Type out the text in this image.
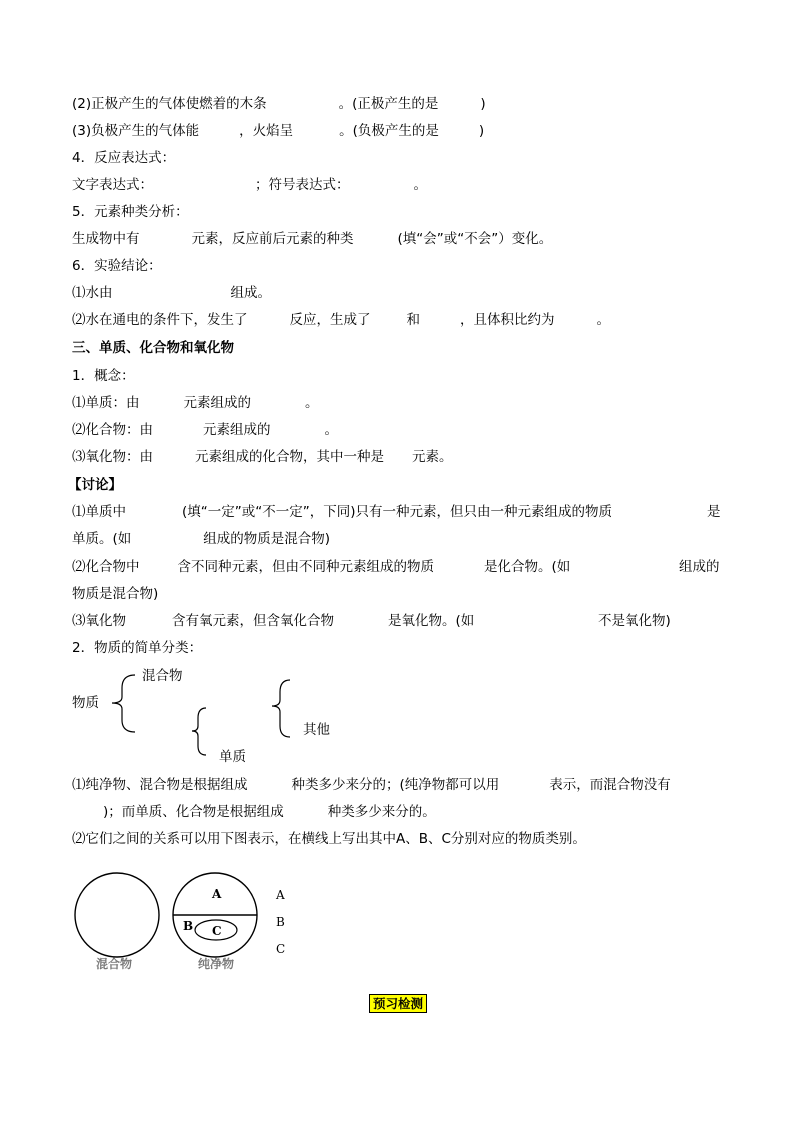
(2)正极产生的气体使燃着的木条	。(正极产生的是	)
(3)负极产生的气体能	，火焰呈	。(负极产生的是	)
4．反应表达式：
文字表达式：	；符号表达式：	。
5．元素种类分析：
生成物中有	元素，反应前后元素的种类	(填“会”或“不会”）变化。
6．实验结论：
⑴水由	组成。
⑵水在通电的条件下，发生了	反应，生成了	和	，且体积比约为	。
三、单质、化合物和氧化物
1．概念：
⑴单质：由	元素组成的	。
⑵化合物：由	元素组成的	。
⑶氧化物：由	元素组成的化合物，其中一种是 元素。
【讨论】
⑴单质中	(填“一定”或“不一定”，下同)只有一种元素，但只由一种元素组成的物质	是
单质。(如	组成的物质是混合物)
⑵化合物中	含不同种元素，但由不同种元素组成的物质	是化合物。(如	组成的
物质是混合物)
⑶氧化物	含有氧元素，但含氧化合物	是氧化物。(如	不是氧化物)
2．物质的简单分类：
物质
混合物
单质
其他
⑴纯净物、混合物是根据组成	种类多少来分的；(纯净物都可以用	表示，而混合物没有
)；而单质、化合物是根据组成	种类多少来分的。
⑵它们之间的关系可以用下图表示，在横线上写出其中A、B、C分别对应的物质类别。
A
B C
混合物	纯净物
A
B
C
预习检测
